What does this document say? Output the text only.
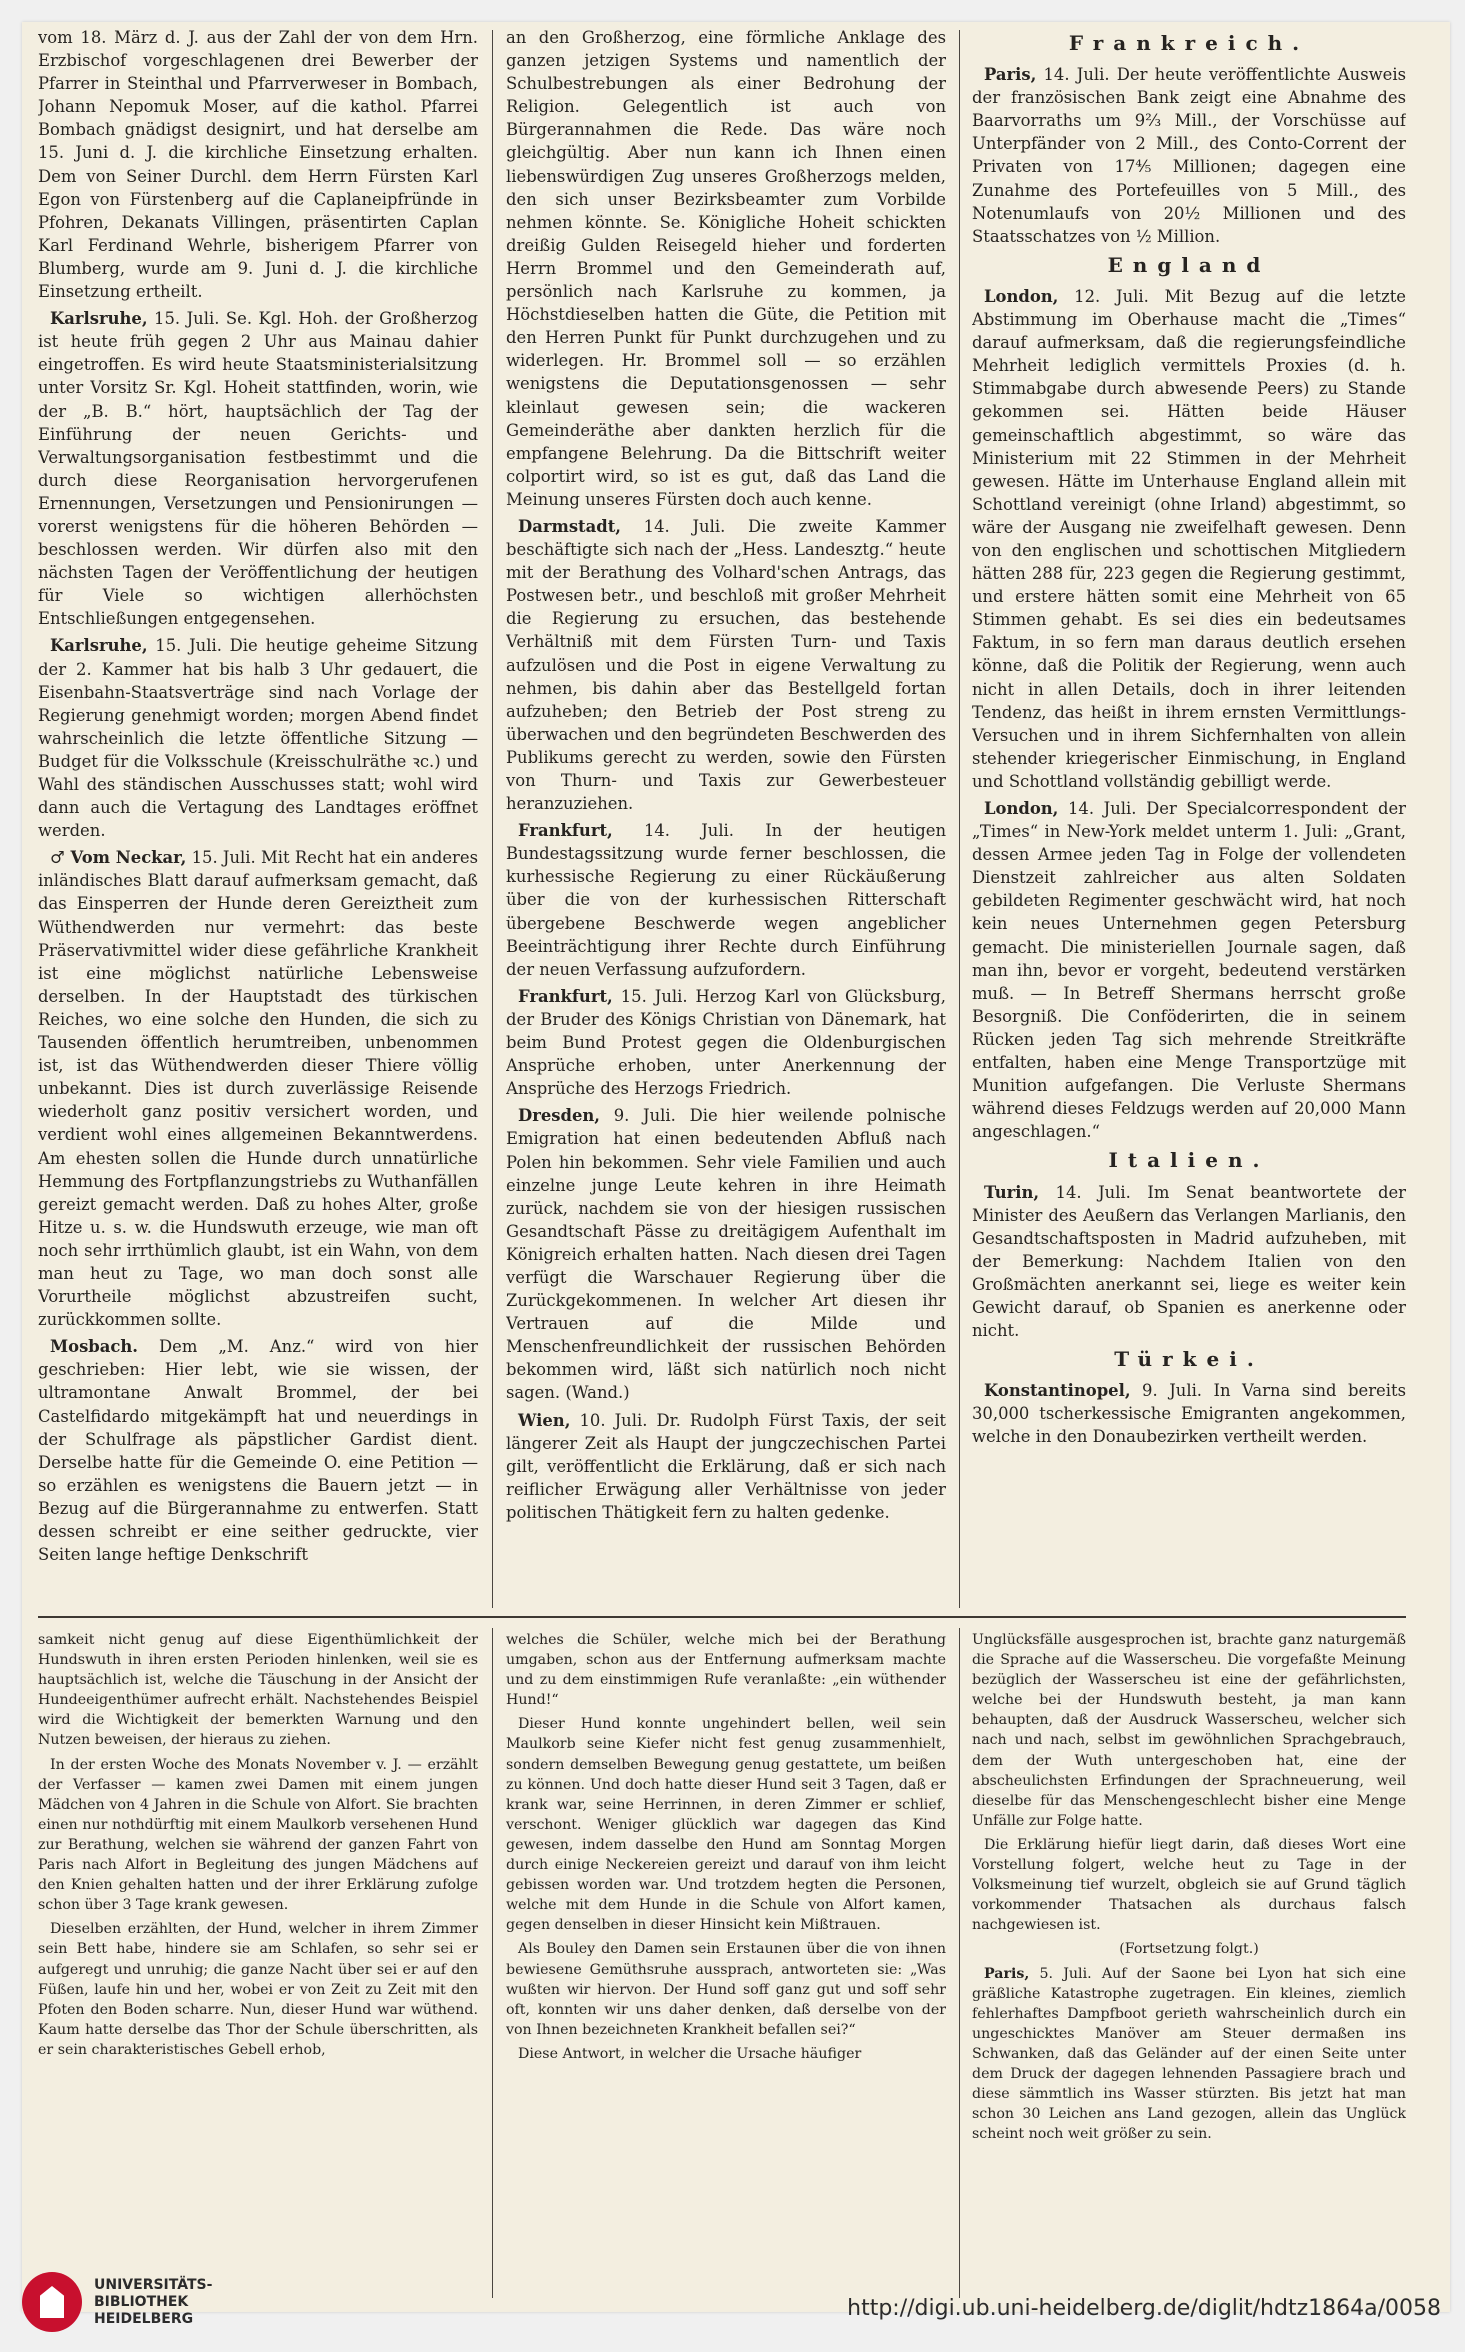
vom 18. März d. J. aus der Zahl der von dem Hrn. Erzbischof vorgeschlagenen drei Bewerber der Pfarrer in Steinthal und Pfarrverweser in Bombach, Johann Nepomuk Moser, auf die kathol. Pfarrei Bombach gnädigst designirt, und hat derselbe am 15. Juni d. J. die kirchliche Einsetzung erhalten. Dem von Seiner Durchl. dem Herrn Fürsten Karl Egon von Fürstenberg auf die Caplaneipfründe in Pfohren, Dekanats Villingen, präsentirten Caplan Karl Ferdinand Wehrle, bisherigem Pfarrer von Blumberg, wurde am 9. Juni d. J. die kirchliche Einsetzung ertheilt.

Karlsruhe, 15. Juli. Se. Kgl. Hoh. der Großherzog ist heute früh gegen 2 Uhr aus Mainau dahier eingetroffen. Es wird heute Staatsministerialsitzung unter Vorsitz Sr. Kgl. Hoheit stattfinden, worin, wie der „B. B.“ hört, hauptsächlich der Tag der Einführung der neuen Gerichts- und Verwaltungsorganisation festbestimmt und die durch diese Reorganisation hervorgerufenen Ernennungen, Versetzungen und Pensionirungen — vorerst wenigstens für die höheren Behörden — beschlossen werden. Wir dürfen also mit den nächsten Tagen der Veröffentlichung der heutigen für Viele so wichtigen allerhöchsten Entschließungen entgegensehen.

Karlsruhe, 15. Juli. Die heutige geheime Sitzung der 2. Kammer hat bis halb 3 Uhr gedauert, die Eisenbahn-Staatsverträge sind nach Vorlage der Regierung genehmigt worden; morgen Abend findet wahrscheinlich die letzte öffentliche Sitzung — Budget für die Volksschule (Kreisschulräthe ꝛc.) und Wahl des ständischen Ausschusses statt; wohl wird dann auch die Vertagung des Landtages eröffnet werden.

♂ Vom Neckar, 15. Juli. Mit Recht hat ein anderes inländisches Blatt darauf aufmerksam gemacht, daß das Einsperren der Hunde deren Gereiztheit zum Wüthendwerden nur vermehrt: das beste Präservativmittel wider diese gefährliche Krankheit ist eine möglichst natürliche Lebensweise derselben. In der Hauptstadt des türkischen Reiches, wo eine solche den Hunden, die sich zu Tausenden öffentlich herumtreiben, unbenommen ist, ist das Wüthendwerden dieser Thiere völlig unbekannt. Dies ist durch zuverlässige Reisende wiederholt ganz positiv versichert worden, und verdient wohl eines allgemeinen Bekanntwerdens. Am ehesten sollen die Hunde durch unnatürliche Hemmung des Fortpflanzungstriebs zu Wuthanfällen gereizt gemacht werden. Daß zu hohes Alter, große Hitze u. s. w. die Hundswuth erzeuge, wie man oft noch sehr irrthümlich glaubt, ist ein Wahn, von dem man heut zu Tage, wo man doch sonst alle Vorurtheile möglichst abzustreifen sucht, zurückkommen sollte.

Mosbach. Dem „M. Anz.“ wird von hier geschrieben: Hier lebt, wie sie wissen, der ultramontane Anwalt Brommel, der bei Castelfidardo mitgekämpft hat und neuerdings in der Schulfrage als päpstlicher Gardist dient. Derselbe hatte für die Gemeinde O. eine Petition — so erzählen es wenigstens die Bauern jetzt — in Bezug auf die Bürgerannahme zu entwerfen. Statt dessen schreibt er eine seither gedruckte, vier Seiten lange heftige Denkschrift

an den Großherzog, eine förmliche Anklage des ganzen jetzigen Systems und namentlich der Schulbestrebungen als einer Bedrohung der Religion. Gelegentlich ist auch von Bürgerannahmen die Rede. Das wäre noch gleichgültig. Aber nun kann ich Ihnen einen liebenswürdigen Zug unseres Großherzogs melden, den sich unser Bezirksbeamter zum Vorbilde nehmen könnte. Se. Königliche Hoheit schickten dreißig Gulden Reisegeld hieher und forderten Herrn Brommel und den Gemeinderath auf, persönlich nach Karlsruhe zu kommen, ja Höchstdieselben hatten die Güte, die Petition mit den Herren Punkt für Punkt durchzugehen und zu widerlegen. Hr. Brommel soll — so erzählen wenigstens die Deputationsgenossen — sehr kleinlaut gewesen sein; die wackeren Gemeinderäthe aber dankten herzlich für die empfangene Belehrung. Da die Bittschrift weiter colportirt wird, so ist es gut, daß das Land die Meinung unseres Fürsten doch auch kenne.

Darmstadt, 14. Juli. Die zweite Kammer beschäftigte sich nach der „Hess. Landesztg.“ heute mit der Berathung des Volhard'schen Antrags, das Postwesen betr., und beschloß mit großer Mehrheit die Regierung zu ersuchen, das bestehende Verhältniß mit dem Fürsten Turn- und Taxis aufzulösen und die Post in eigene Verwaltung zu nehmen, bis dahin aber das Bestellgeld fortan aufzuheben; den Betrieb der Post streng zu überwachen und den begründeten Beschwerden des Publikums gerecht zu werden, sowie den Fürsten von Thurn- und Taxis zur Gewerbesteuer heranzuziehen.

Frankfurt, 14. Juli. In der heutigen Bundestagssitzung wurde ferner beschlossen, die kurhessische Regierung zu einer Rückäußerung über die von der kurhessischen Ritterschaft übergebene Beschwerde wegen angeblicher Beeinträchtigung ihrer Rechte durch Einführung der neuen Verfassung aufzufordern.

Frankfurt, 15. Juli. Herzog Karl von Glücksburg, der Bruder des Königs Christian von Dänemark, hat beim Bund Protest gegen die Oldenburgischen Ansprüche erhoben, unter Anerkennung der Ansprüche des Herzogs Friedrich.

Dresden, 9. Juli. Die hier weilende polnische Emigration hat einen bedeutenden Abfluß nach Polen hin bekommen. Sehr viele Familien und auch einzelne junge Leute kehren in ihre Heimath zurück, nachdem sie von der hiesigen russischen Gesandtschaft Pässe zu dreitägigem Aufenthalt im Königreich erhalten hatten. Nach diesen drei Tagen verfügt die Warschauer Regierung über die Zurückgekommenen. In welcher Art diesen ihr Vertrauen auf die Milde und Menschenfreundlichkeit der russischen Behörden bekommen wird, läßt sich natürlich noch nicht sagen. (Wand.)

Wien, 10. Juli. Dr. Rudolph Fürst Taxis, der seit längerer Zeit als Haupt der jungczechischen Partei gilt, veröffentlicht die Erklärung, daß er sich nach reiflicher Erwägung aller Verhältnisse von jeder politischen Thätigkeit fern zu halten gedenke.

Frankreich.

Paris, 14. Juli. Der heute veröffentlichte Ausweis der französischen Bank zeigt eine Abnahme des Baarvorraths um 9⅔ Mill., der Vorschüsse auf Unterpfänder von 2 Mill., des Conto-Corrent der Privaten von 17⁴⁄₅ Millionen; dagegen eine Zunahme des Portefeuilles von 5 Mill., des Notenumlaufs von 20½ Millionen und des Staatsschatzes von ½ Million.

England

London, 12. Juli. Mit Bezug auf die letzte Abstimmung im Oberhause macht die „Times“ darauf aufmerksam, daß die regierungsfeindliche Mehrheit lediglich vermittels Proxies (d. h. Stimmabgabe durch abwesende Peers) zu Stande gekommen sei. Hätten beide Häuser gemeinschaftlich abgestimmt, so wäre das Ministerium mit 22 Stimmen in der Mehrheit gewesen. Hätte im Unterhause England allein mit Schottland vereinigt (ohne Irland) abgestimmt, so wäre der Ausgang nie zweifelhaft gewesen. Denn von den englischen und schottischen Mitgliedern hätten 288 für, 223 gegen die Regierung gestimmt, und erstere hätten somit eine Mehrheit von 65 Stimmen gehabt. Es sei dies ein bedeutsames Faktum, in so fern man daraus deutlich ersehen könne, daß die Politik der Regierung, wenn auch nicht in allen Details, doch in ihrer leitenden Tendenz, das heißt in ihrem ernsten Vermittlungs-Versuchen und in ihrem Sichfernhalten von allein stehender kriegerischer Einmischung, in England und Schottland vollständig gebilligt werde.

London, 14. Juli. Der Specialcorrespondent der „Times“ in New-York meldet unterm 1. Juli: „Grant, dessen Armee jeden Tag in Folge der vollendeten Dienstzeit zahlreicher aus alten Soldaten gebildeten Regimenter geschwächt wird, hat noch kein neues Unternehmen gegen Petersburg gemacht. Die ministeriellen Journale sagen, daß man ihn, bevor er vorgeht, bedeutend verstärken muß. — In Betreff Shermans herrscht große Besorgniß. Die Conföderirten, die in seinem Rücken jeden Tag sich mehrende Streitkräfte entfalten, haben eine Menge Transportzüge mit Munition aufgefangen. Die Verluste Shermans während dieses Feldzugs werden auf 20,000 Mann angeschlagen.“

Italien.

Turin, 14. Juli. Im Senat beantwortete der Minister des Aeußern das Verlangen Marlianis, den Gesandtschaftsposten in Madrid aufzuheben, mit der Bemerkung: Nachdem Italien von den Großmächten anerkannt sei, liege es weiter kein Gewicht darauf, ob Spanien es anerkenne oder nicht.

Türkei.

Konstantinopel, 9. Juli. In Varna sind bereits 30,000 tscherkessische Emigranten angekommen, welche in den Donaubezirken vertheilt werden.

samkeit nicht genug auf diese Eigenthümlichkeit der Hundswuth in ihren ersten Perioden hinlenken, weil sie es hauptsächlich ist, welche die Täuschung in der Ansicht der Hundeeigenthümer aufrecht erhält. Nachstehendes Beispiel wird die Wichtigkeit der bemerkten Warnung und den Nutzen beweisen, der hieraus zu ziehen.

In der ersten Woche des Monats November v. J. — erzählt der Verfasser — kamen zwei Damen mit einem jungen Mädchen von 4 Jahren in die Schule von Alfort. Sie brachten einen nur nothdürftig mit einem Maulkorb versehenen Hund zur Berathung, welchen sie während der ganzen Fahrt von Paris nach Alfort in Begleitung des jungen Mädchens auf den Knien gehalten hatten und der ihrer Erklärung zufolge schon über 3 Tage krank gewesen.

Dieselben erzählten, der Hund, welcher in ihrem Zimmer sein Bett habe, hindere sie am Schlafen, so sehr sei er aufgeregt und unruhig; die ganze Nacht über sei er auf den Füßen, laufe hin und her, wobei er von Zeit zu Zeit mit den Pfoten den Boden scharre. Nun, dieser Hund war wüthend. Kaum hatte derselbe das Thor der Schule überschritten, als er sein charakteristisches Gebell erhob,

welches die Schüler, welche mich bei der Berathung umgaben, schon aus der Entfernung aufmerksam machte und zu dem einstimmigen Rufe veranlaßte: „ein wüthender Hund!“

Dieser Hund konnte ungehindert bellen, weil sein Maulkorb seine Kiefer nicht fest genug zusammenhielt, sondern demselben Bewegung genug gestattete, um beißen zu können. Und doch hatte dieser Hund seit 3 Tagen, daß er krank war, seine Herrinnen, in deren Zimmer er schlief, verschont. Weniger glücklich war dagegen das Kind gewesen, indem dasselbe den Hund am Sonntag Morgen durch einige Neckereien gereizt und darauf von ihm leicht gebissen worden war. Und trotzdem hegten die Personen, welche mit dem Hunde in die Schule von Alfort kamen, gegen denselben in dieser Hinsicht kein Mißtrauen.

Als Bouley den Damen sein Erstaunen über die von ihnen bewiesene Gemüthsruhe aussprach, antworteten sie: „Was wußten wir hiervon. Der Hund soff ganz gut und soff sehr oft, konnten wir uns daher denken, daß derselbe von der von Ihnen bezeichneten Krankheit befallen sei?“

Diese Antwort, in welcher die Ursache häufiger

Unglücksfälle ausgesprochen ist, brachte ganz naturgemäß die Sprache auf die Wasserscheu. Die vorgefaßte Meinung bezüglich der Wasserscheu ist eine der gefährlichsten, welche bei der Hundswuth besteht, ja man kann behaupten, daß der Ausdruck Wasserscheu, welcher sich nach und nach, selbst im gewöhnlichen Sprachgebrauch, dem der Wuth untergeschoben hat, eine der abscheulichsten Erfindungen der Sprachneuerung, weil dieselbe für das Menschengeschlecht bisher eine Menge Unfälle zur Folge hatte.

Die Erklärung hiefür liegt darin, daß dieses Wort eine Vorstellung folgert, welche heut zu Tage in der Volksmeinung tief wurzelt, obgleich sie auf Grund täglich vorkommender Thatsachen als durchaus falsch nachgewiesen ist.

(Fortsetzung folgt.)

Paris, 5. Juli. Auf der Saone bei Lyon hat sich eine gräßliche Katastrophe zugetragen. Ein kleines, ziemlich fehlerhaftes Dampfboot gerieth wahrscheinlich durch ein ungeschicktes Manöver am Steuer dermaßen ins Schwanken, daß das Geländer auf der einen Seite unter dem Druck der dagegen lehnenden Passagiere brach und diese sämmtlich ins Wasser stürzten. Bis jetzt hat man schon 30 Leichen ans Land gezogen, allein das Unglück scheint noch weit größer zu sein.

UNIVERSITÄTS-
BIBLIOTHEK
HEIDELBERG	http://digi.ub.uni-heidelberg.de/diglit/hdtz1864a/0058
